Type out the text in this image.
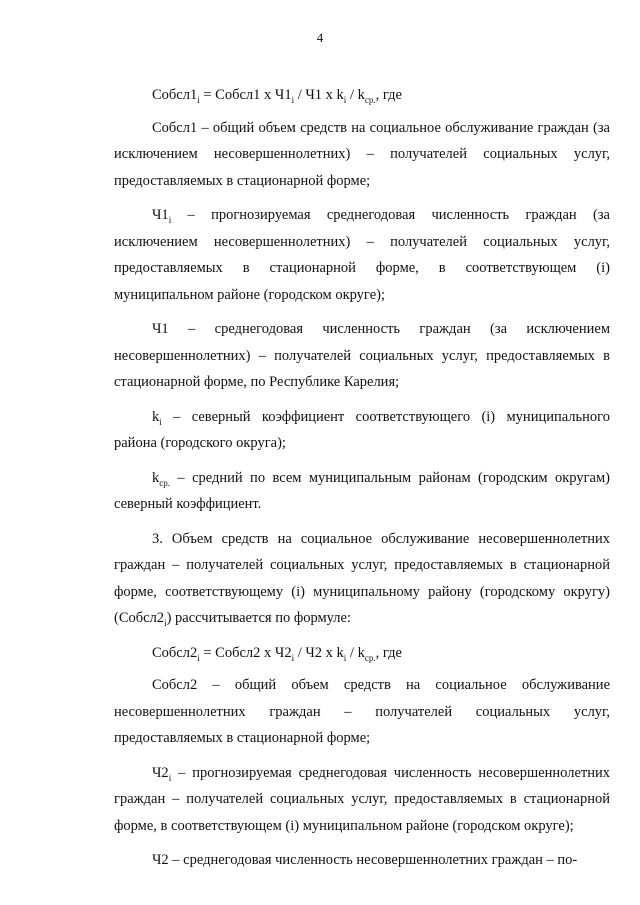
4

$Собсл1_i$ = Собсл1 х $Ч1_i / Ч1$ х $k_i / k_{ср.}$, где

Собсл1 – общий объем средств на социальное обслуживание граждан (за исключением несовершеннолетних) – получателей социальных услуг, предоставляемых в стационарной форме;

$Ч1_i$ – прогнозируемая среднегодовая численность граждан (за исключением несовершеннолетних) – получателей социальных услуг, предоставляемых в стационарной форме, в соответствующем (i) муниципальном районе (городском округе);

Ч1 – среднегодовая численность граждан (за исключением несовершеннолетних) – получателей социальных услуг, предоставляемых в стационарной форме, по Республике Карелия;

$k_i$ – северный коэффициент соответствующего (i) муниципального района (городского округа);

$k_{ср.}$ – средний по всем муниципальным районам (городским округам) северный коэффициент.

3. Объем средств на социальное обслуживание несовершеннолетних граждан – получателей социальных услуг, предоставляемых в стационарной форме, соответствующему (i) муниципальному району (городскому округу) $(Собсл2_i)$ рассчитывается по формуле:

$Собсл2_i$ = Собсл2 х $Ч2_i / Ч2$ х $k_i / k_{ср.}$, где

Собсл2 – общий объем средств на социальное обслуживание несовершеннолетних граждан – получателей социальных услуг, предоставляемых в стационарной форме;

$Ч2_i$ – прогнозируемая среднегодовая численность несовершеннолетних граждан – получателей социальных услуг, предоставляемых в стационарной форме, в соответствующем (i) муниципальном районе (городском округе);

Ч2 – среднегодовая численность несовершеннолетних граждан – по-
